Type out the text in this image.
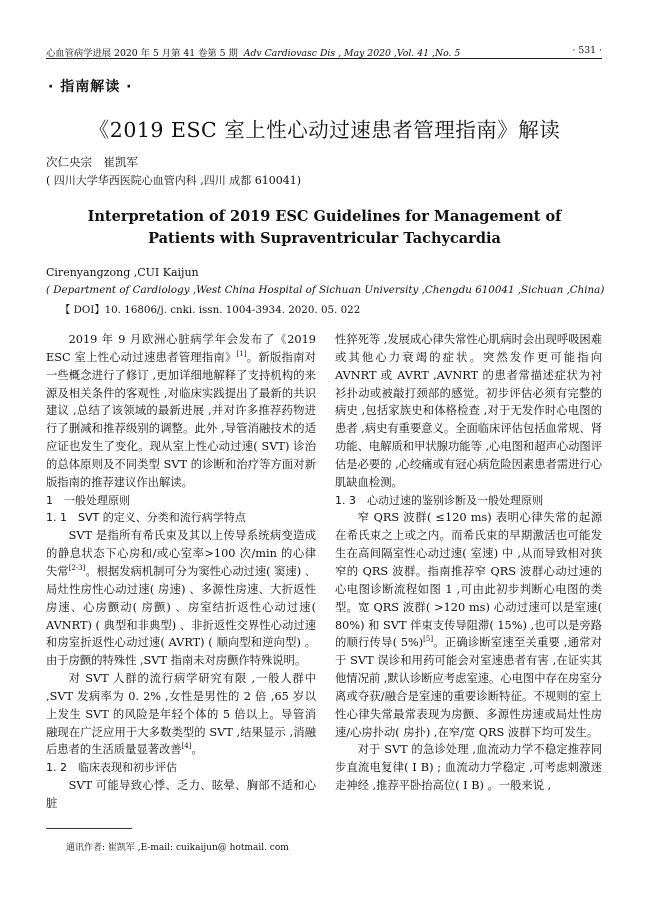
心血管病学进展 2020 年 5 月第 41 卷第 5 期 Adv Cardiovasc Dis , May 2020 ,Vol. 41 ,No. 5	· 531 ·
· 指南解读 ·
《2019 ESC 室上性心动过速患者管理指南》解读
次仁央宗　崔凯军
( 四川大学华西医院心血管内科 ,四川 成都 610041)
Interpretation of 2019 ESC Guidelines for Management of
Patients with Supraventricular Tachycardia
Cirenyangzong ,CUI Kaijun
( Department of Cardiology ,West China Hospital of Sichuan University ,Chengdu 610041 ,Sichuan ,China)
【 DOI】10. 16806/j. cnki. issn. 1004-3934. 2020. 05. 022

2019 年 9 月欧洲心脏病学年会发布了《2019 ESC 室上性心动过速患者管理指南》[1]。新版指南对一些概念进行了修订 ,更加详细地解释了支持机构的来源及相关条件的客观性 ,对临床实践提出了最新的共识建议 ,总结了该领域的最新进展 ,并对许多推荐药物进行了删减和推荐级别的调整。此外 ,导管消融技术的适应证也发生了变化。现从室上性心动过速( SVT) 诊治的总体原则及不同类型 SVT 的诊断和治疗等方面对新版指南的推荐建议作出解读。

1　一般处理原则

1. 1　SVT 的定义、分类和流行病学特点

SVT 是指所有希氏束及其以上传导系统病变造成的静息状态下心房和/或心室率>100 次/min 的心律失常[2-3]。根据发病机制可分为窦性心动过速( 窦速) 、局灶性房性心动过速( 房速) 、多源性房速、大折返性房速、心房颤动( 房颤) 、房室结折返性心动过速( AVNRT) ( 典型和非典型) 、非折返性交界性心动过速和房室折返性心动过速( AVRT) ( 顺向型和逆向型) 。由于房颤的特殊性 ,SVT 指南未对房颤作特殊说明。

对 SVT 人群的流行病学研究有限 ,一般人群中 ,SVT 发病率为 0. 2% ,女性是男性的 2 倍 ,65 岁以上发生 SVT 的风险是年轻个体的 5 倍以上。导管消融现在广泛应用于大多数类型的 SVT ,结果显示 ,消融后患者的生活质量显著改善[4]。

1. 2　临床表现和初步评估

SVT 可能导致心悸、乏力、眩晕、胸部不适和心脏

性猝死等 ,发展成心律失常性心肌病时会出现呼吸困难或其他心力衰竭的症状。突然发作更可能指向 AVNRT 或 AVRT ,AVNRT 的患者常描述症状为衬衫扑动或被敲打颈部的感觉。初步评估必须有完整的病史 ,包括家族史和体格检查 ,对于无发作时心电图的患者 ,病史有重要意义。全面临床评估包括血常规、肾功能、电解质和甲状腺功能等 ,心电图和超声心动图评估是必要的 ,心绞痛或有冠心病危险因素患者需进行心肌缺血检测。

1. 3　心动过速的鉴别诊断及一般处理原则

窄 QRS 波群( ≤120 ms) 表明心律失常的起源在希氏束之上或之内。而希氏束的早期激活也可能发生在高间隔室性心动过速( 室速) 中 ,从而导致相对狭窄的 QRS 波群。指南推荐窄 QRS 波群心动过速的心电图诊断流程如图 1 ,可由此初步判断心电图的类型。宽 QRS 波群( >120 ms) 心动过速可以是室速( 80%) 和 SVT 伴束支传导阻滞( 15%) ,也可以是旁路的顺行传导( 5%)[5]。正确诊断室速至关重要 ,通常对于 SVT 误诊和用药可能会对室速患者有害 ,在证实其他情况前 ,默认诊断应考虑室速。心电图中存在房室分离或夺获/融合是室速的重要诊断特征。不规则的室上性心律失常最常表现为房颤、多源性房速或局灶性房速/心房扑动( 房扑) ,在窄/宽 QRS 波群下均可发生。

对于 SVT 的急诊处理 ,血流动力学不稳定推荐同步直流电复律( Ⅰ B) ; 血流动力学稳定 ,可考虑刺激迷走神经 ,推荐平卧抬高位( Ⅰ B) 。一般来说 ,

通讯作者: 崔凯军 ,E-mail: cuikaijun@ hotmail. com
